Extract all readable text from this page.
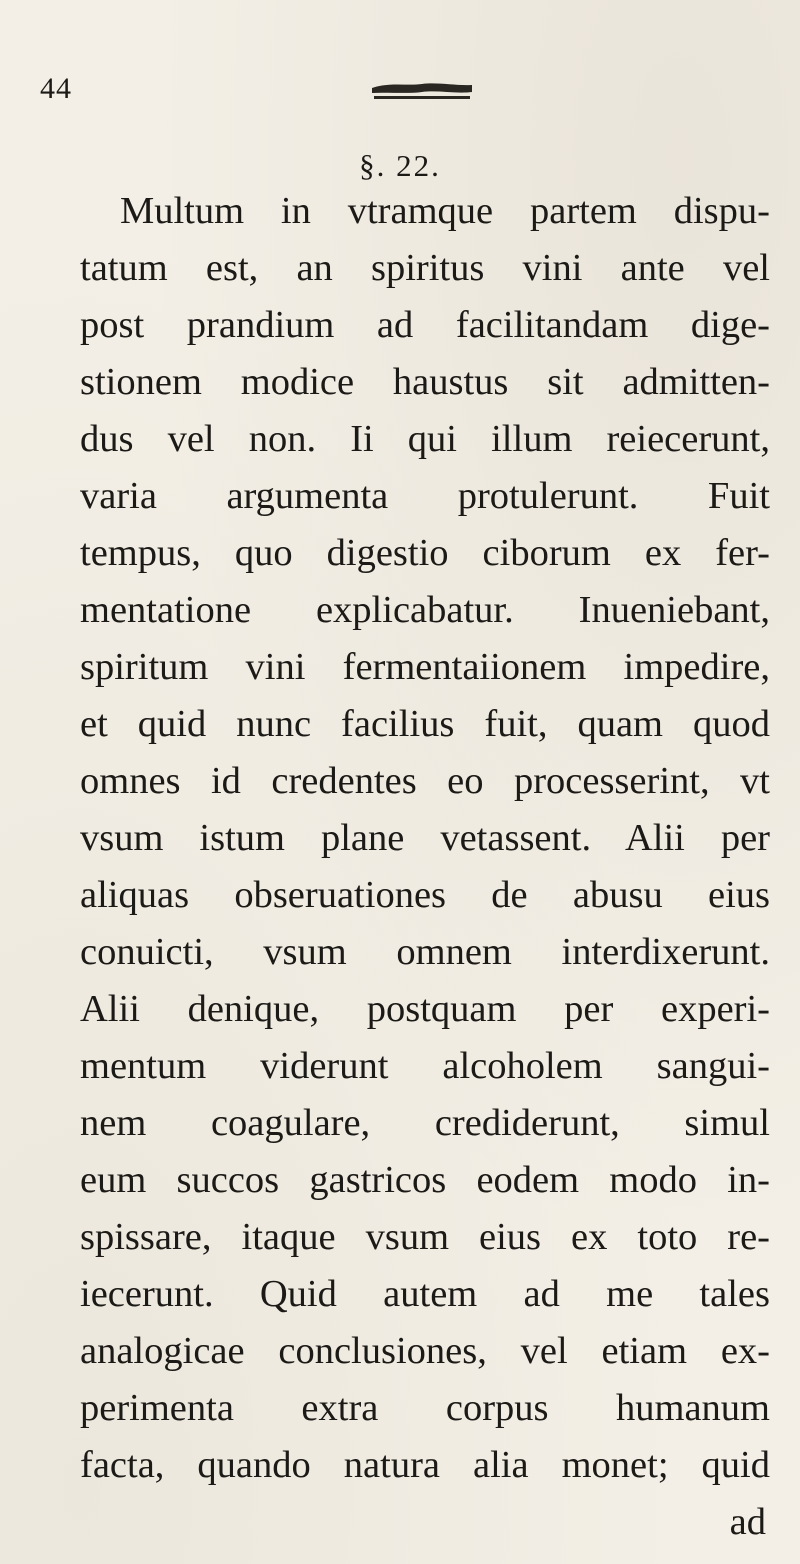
44
§. 22.
Multum in vtramque partem dispu-
tatum est, an spiritus vini ante vel
post prandium ad facilitandam dige-
stionem modice haustus sit admitten-
dus vel non. Ii qui illum reiecerunt,
varia argumenta protulerunt. Fuit
tempus, quo digestio ciborum ex fer-
mentatione explicabatur. Inueniebant,
spiritum vini fermentaiionem impedire,
et quid nunc facilius fuit, quam quod
omnes id credentes eo processerint, vt
vsum istum plane vetassent. Alii per
aliquas obseruationes de abusu eius
conuicti, vsum omnem interdixerunt.
Alii denique, postquam per experi-
mentum viderunt alcoholem sangui-
nem coagulare, crediderunt, simul
eum succos gastricos eodem modo in-
spissare, itaque vsum eius ex toto re-
iecerunt. Quid autem ad me tales
analogicae conclusiones, vel etiam ex-
perimenta extra corpus humanum
facta, quando natura alia monet; quid
ad
